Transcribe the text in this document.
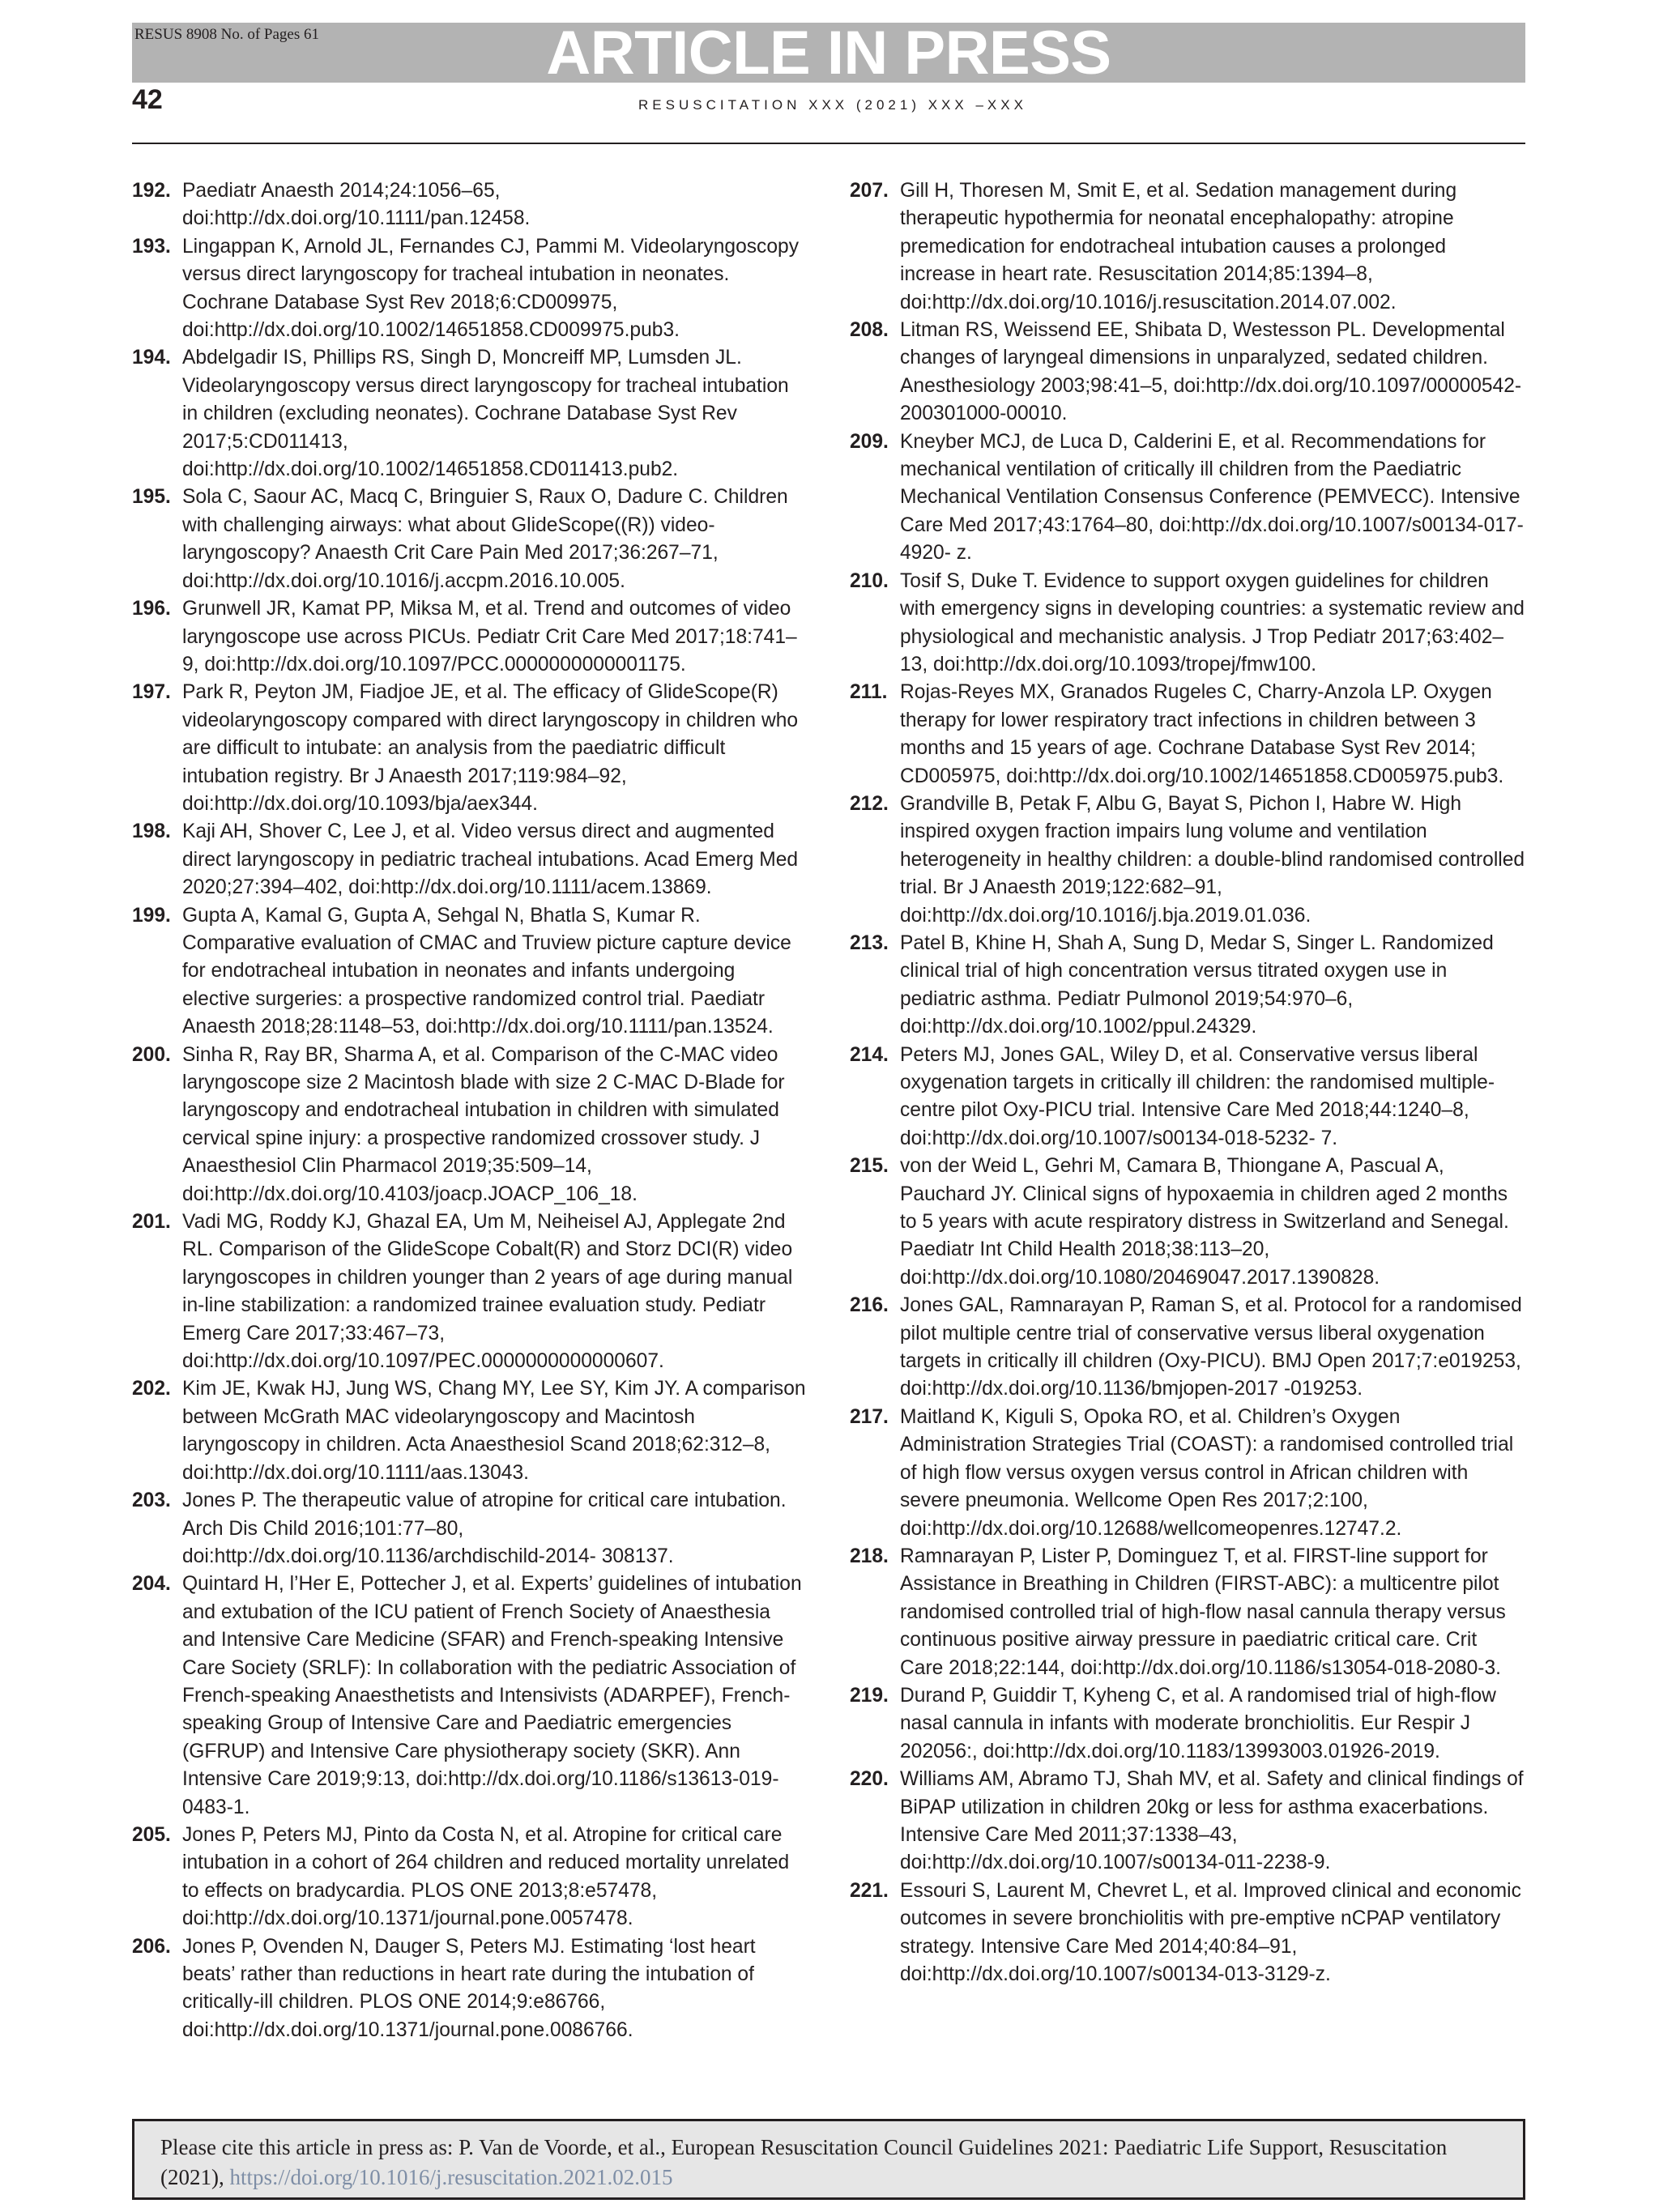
RESUS 8908 No. of Pages 61	ARTICLE IN PRESS
42	RESUSCITATION XXX (2021) XXX –XXX
192. Paediatr Anaesth 2014;24:1056–65, doi:http://dx.doi.org/10.1111/pan.12458.
193. Lingappan K, Arnold JL, Fernandes CJ, Pammi M. Videolaryngoscopy versus direct laryngoscopy for tracheal intubation in neonates. Cochrane Database Syst Rev 2018;6:CD009975, doi:http://dx.doi.org/10.1002/14651858.CD009975.pub3.
194. Abdelgadir IS, Phillips RS, Singh D, Moncreiff MP, Lumsden JL. Videolaryngoscopy versus direct laryngoscopy for tracheal intubation in children (excluding neonates). Cochrane Database Syst Rev 2017;5:CD011413, doi:http://dx.doi.org/10.1002/14651858.CD011413.pub2.
195. Sola C, Saour AC, Macq C, Bringuier S, Raux O, Dadure C. Children with challenging airways: what about GlideScope((R)) video-laryngoscopy? Anaesth Crit Care Pain Med 2017;36:267–71, doi:http://dx.doi.org/10.1016/j.accpm.2016.10.005.
196. Grunwell JR, Kamat PP, Miksa M, et al. Trend and outcomes of video laryngoscope use across PICUs. Pediatr Crit Care Med 2017;18:741–9, doi:http://dx.doi.org/10.1097/PCC.0000000000001175.
197. Park R, Peyton JM, Fiadjoe JE, et al. The efficacy of GlideScope(R) videolaryngoscopy compared with direct laryngoscopy in children who are difficult to intubate: an analysis from the paediatric difficult intubation registry. Br J Anaesth 2017;119:984–92, doi:http://dx.doi.org/10.1093/bja/aex344.
198. Kaji AH, Shover C, Lee J, et al. Video versus direct and augmented direct laryngoscopy in pediatric tracheal intubations. Acad Emerg Med 2020;27:394–402, doi:http://dx.doi.org/10.1111/acem.13869.
199. Gupta A, Kamal G, Gupta A, Sehgal N, Bhatla S, Kumar R. Comparative evaluation of CMAC and Truview picture capture device for endotracheal intubation in neonates and infants undergoing elective surgeries: a prospective randomized control trial. Paediatr Anaesth 2018;28:1148–53, doi:http://dx.doi.org/10.1111/pan.13524.
200. Sinha R, Ray BR, Sharma A, et al. Comparison of the C-MAC video laryngoscope size 2 Macintosh blade with size 2 C-MAC D-Blade for laryngoscopy and endotracheal intubation in children with simulated cervical spine injury: a prospective randomized crossover study. J Anaesthesiol Clin Pharmacol 2019;35:509–14, doi:http://dx.doi.org/10.4103/joacp.JOACP_106_18.
201. Vadi MG, Roddy KJ, Ghazal EA, Um M, Neiheisel AJ, Applegate 2nd RL. Comparison of the GlideScope Cobalt(R) and Storz DCI(R) video laryngoscopes in children younger than 2 years of age during manual in-line stabilization: a randomized trainee evaluation study. Pediatr Emerg Care 2017;33:467–73, doi:http://dx.doi.org/10.1097/PEC.0000000000000607.
202. Kim JE, Kwak HJ, Jung WS, Chang MY, Lee SY, Kim JY. A comparison between McGrath MAC videolaryngoscopy and Macintosh laryngoscopy in children. Acta Anaesthesiol Scand 2018;62:312–8, doi:http://dx.doi.org/10.1111/aas.13043.
203. Jones P. The therapeutic value of atropine for critical care intubation. Arch Dis Child 2016;101:77–80, doi:http://dx.doi.org/10.1136/archdischild-2014- 308137.
204. Quintard H, l’Her E, Pottecher J, et al. Experts’ guidelines of intubation and extubation of the ICU patient of French Society of Anaesthesia and Intensive Care Medicine (SFAR) and French-speaking Intensive Care Society (SRLF): In collaboration with the pediatric Association of French-speaking Anaesthetists and Intensivists (ADARPEF), French-speaking Group of Intensive Care and Paediatric emergencies (GFRUP) and Intensive Care physiotherapy society (SKR). Ann Intensive Care 2019;9:13, doi:http://dx.doi.org/10.1186/s13613-019-0483-1.
205. Jones P, Peters MJ, Pinto da Costa N, et al. Atropine for critical care intubation in a cohort of 264 children and reduced mortality unrelated to effects on bradycardia. PLOS ONE 2013;8:e57478, doi:http://dx.doi.org/10.1371/journal.pone.0057478.
206. Jones P, Ovenden N, Dauger S, Peters MJ. Estimating ‘lost heart beats’ rather than reductions in heart rate during the intubation of critically-ill children. PLOS ONE 2014;9:e86766, doi:http://dx.doi.org/10.1371/journal.pone.0086766.
207. Gill H, Thoresen M, Smit E, et al. Sedation management during therapeutic hypothermia for neonatal encephalopathy: atropine premedication for endotracheal intubation causes a prolonged increase in heart rate. Resuscitation 2014;85:1394–8, doi:http://dx.doi.org/10.1016/j.resuscitation.2014.07.002.
208. Litman RS, Weissend EE, Shibata D, Westesson PL. Developmental changes of laryngeal dimensions in unparalyzed, sedated children. Anesthesiology 2003;98:41–5, doi:http://dx.doi.org/10.1097/00000542- 200301000-00010.
209. Kneyber MCJ, de Luca D, Calderini E, et al. Recommendations for mechanical ventilation of critically ill children from the Paediatric Mechanical Ventilation Consensus Conference (PEMVECC). Intensive Care Med 2017;43:1764–80, doi:http://dx.doi.org/10.1007/s00134-017-4920- z.
210. Tosif S, Duke T. Evidence to support oxygen guidelines for children with emergency signs in developing countries: a systematic review and physiological and mechanistic analysis. J Trop Pediatr 2017;63:402–13, doi:http://dx.doi.org/10.1093/tropej/fmw100.
211. Rojas-Reyes MX, Granados Rugeles C, Charry-Anzola LP. Oxygen therapy for lower respiratory tract infections in children between 3 months and 15 years of age. Cochrane Database Syst Rev 2014; CD005975, doi:http://dx.doi.org/10.1002/14651858.CD005975.pub3.
212. Grandville B, Petak F, Albu G, Bayat S, Pichon I, Habre W. High inspired oxygen fraction impairs lung volume and ventilation heterogeneity in healthy children: a double-blind randomised controlled trial. Br J Anaesth 2019;122:682–91, doi:http://dx.doi.org/10.1016/j.bja.2019.01.036.
213. Patel B, Khine H, Shah A, Sung D, Medar S, Singer L. Randomized clinical trial of high concentration versus titrated oxygen use in pediatric asthma. Pediatr Pulmonol 2019;54:970–6, doi:http://dx.doi.org/10.1002/ppul.24329.
214. Peters MJ, Jones GAL, Wiley D, et al. Conservative versus liberal oxygenation targets in critically ill children: the randomised multiple-centre pilot Oxy-PICU trial. Intensive Care Med 2018;44:1240–8, doi:http://dx.doi.org/10.1007/s00134-018-5232- 7.
215. von der Weid L, Gehri M, Camara B, Thiongane A, Pascual A, Pauchard JY. Clinical signs of hypoxaemia in children aged 2 months to 5 years with acute respiratory distress in Switzerland and Senegal. Paediatr Int Child Health 2018;38:113–20, doi:http://dx.doi.org/10.1080/20469047.2017.1390828.
216. Jones GAL, Ramnarayan P, Raman S, et al. Protocol for a randomised pilot multiple centre trial of conservative versus liberal oxygenation targets in critically ill children (Oxy-PICU). BMJ Open 2017;7:e019253, doi:http://dx.doi.org/10.1136/bmjopen-2017 -019253.
217. Maitland K, Kiguli S, Opoka RO, et al. Children’s Oxygen Administration Strategies Trial (COAST): a randomised controlled trial of high flow versus oxygen versus control in African children with severe pneumonia. Wellcome Open Res 2017;2:100, doi:http://dx.doi.org/10.12688/wellcomeopenres.12747.2.
218. Ramnarayan P, Lister P, Dominguez T, et al. FIRST-line support for Assistance in Breathing in Children (FIRST-ABC): a multicentre pilot randomised controlled trial of high-flow nasal cannula therapy versus continuous positive airway pressure in paediatric critical care. Crit Care 2018;22:144, doi:http://dx.doi.org/10.1186/s13054-018-2080-3.
219. Durand P, Guiddir T, Kyheng C, et al. A randomised trial of high-flow nasal cannula in infants with moderate bronchiolitis. Eur Respir J 202056:, doi:http://dx.doi.org/10.1183/13993003.01926-2019.
220. Williams AM, Abramo TJ, Shah MV, et al. Safety and clinical findings of BiPAP utilization in children 20kg or less for asthma exacerbations. Intensive Care Med 2011;37:1338–43, doi:http://dx.doi.org/10.1007/s00134-011-2238-9.
221. Essouri S, Laurent M, Chevret L, et al. Improved clinical and economic outcomes in severe bronchiolitis with pre-emptive nCPAP ventilatory strategy. Intensive Care Med 2014;40:84–91, doi:http://dx.doi.org/10.1007/s00134-013-3129-z.
Please cite this article in press as: P. Van de Voorde, et al., European Resuscitation Council Guidelines 2021: Paediatric Life Support, Resuscitation (2021), https://doi.org/10.1016/j.resuscitation.2021.02.015
